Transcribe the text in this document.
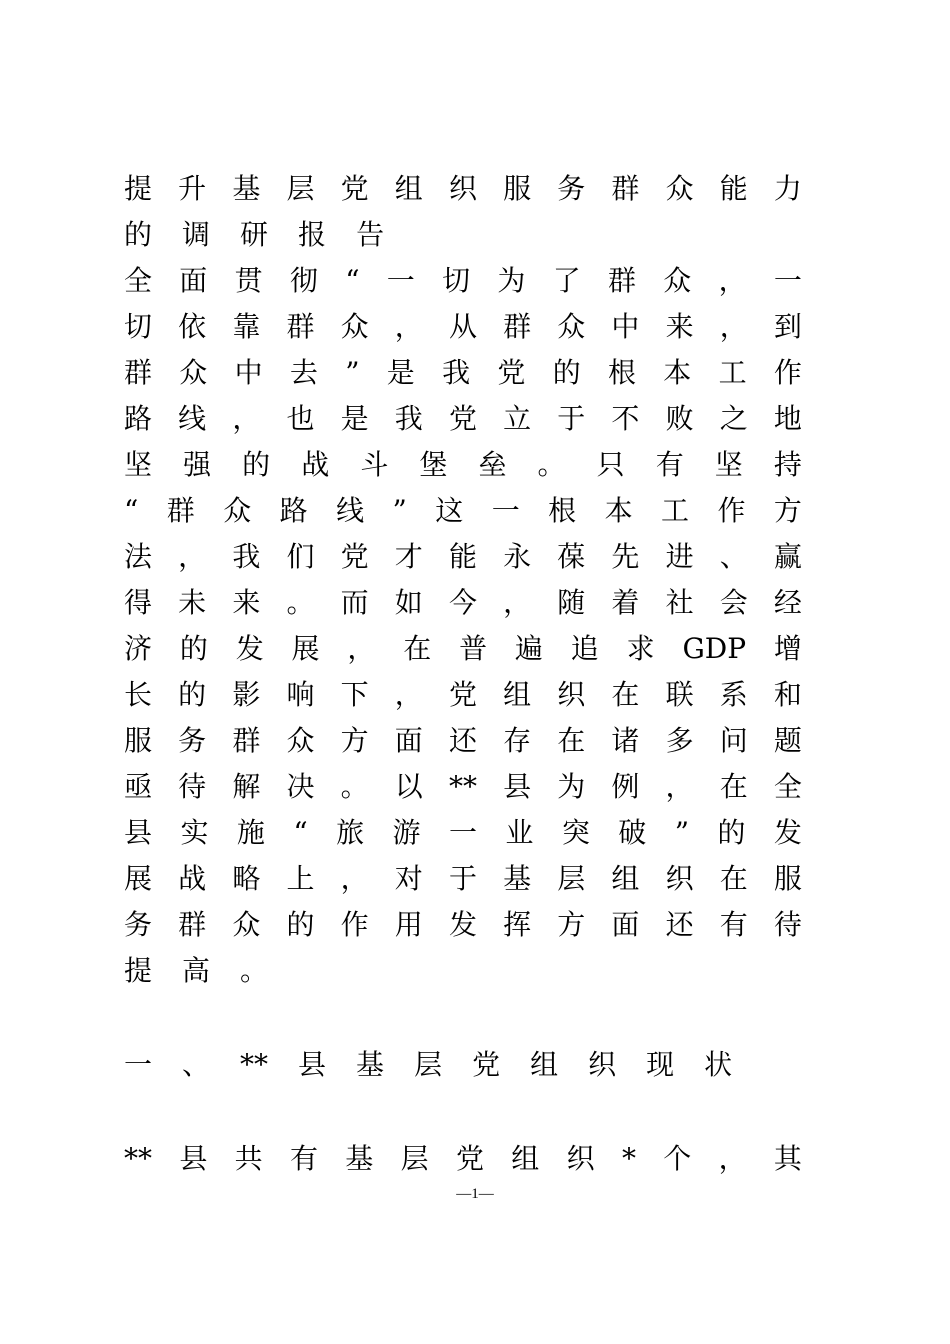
提 升 基 层 党 组 织 服 务 群 众 能 力
的 调 研 报 告
全 面 贯 彻 “ 一 切 为 了 群 众 ， 一
切 依 靠 群 众 ， 从 群 众 中 来 ， 到
群 众 中 去 ” 是 我 党 的 根 本 工 作
路 线 ， 也 是 我 党 立 于 不 败 之 地
坚 强 的 战 斗 堡 垒 。 只 有 坚 持
“ 群 众 路 线 ” 这 一 根 本 工 作 方
法 ， 我 们 党 才 能 永 葆 先 进 、 赢
得 未 来 。 而 如 今 ， 随 着 社 会 经
济 的 发 展 ， 在 普 遍 追 求 GDP 增
长 的 影 响 下 ， 党 组 织 在 联 系 和
服 务 群 众 方 面 还 存 在 诸 多 问 题
亟 待 解 决 。 以 ** 县 为 例 ， 在 全
县 实 施 “ 旅 游 一 业 突 破 ” 的 发
展 战 略 上 ， 对 于 基 层 组 织 在 服
务 群 众 的 作 用 发 挥 方 面 还 有 待
提 高 。
一 、 ** 县 基 层 党 组 织 现 状
** 县 共 有 基 层 党 组 织 * 个 ， 其
—1—
